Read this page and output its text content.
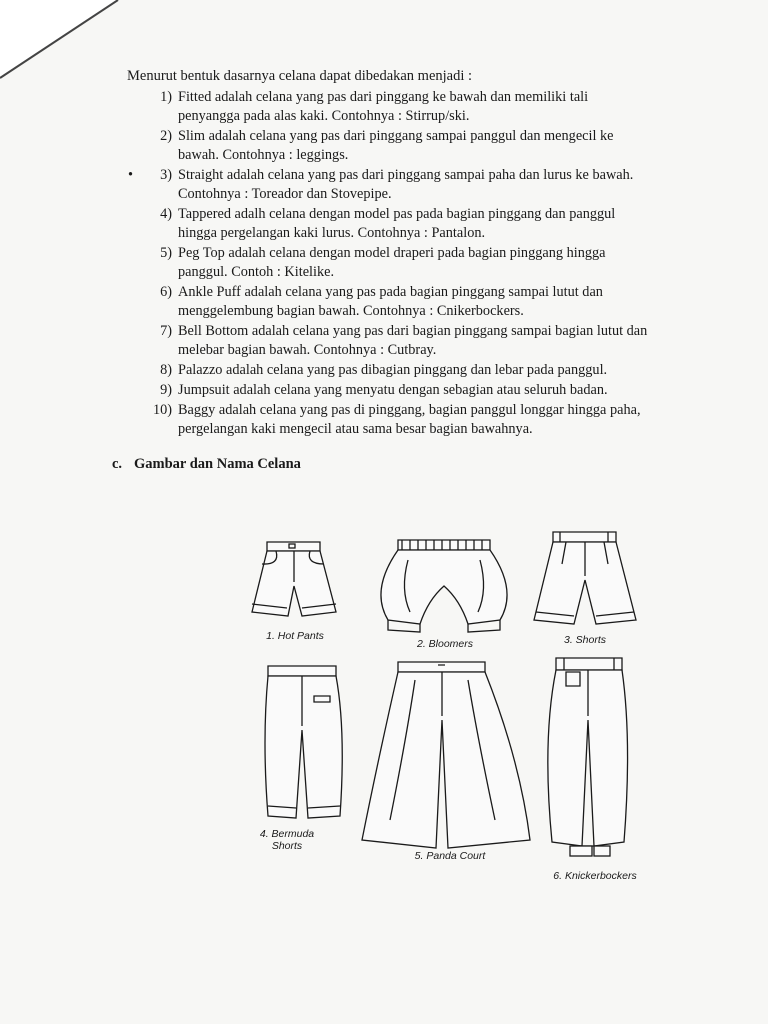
Menurut bentuk dasarnya celana dapat dibedakan menjadi :
1) Fitted adalah celana yang pas dari pinggang ke bawah dan memiliki tali
penyangga pada alas kaki. Contohnya : Stirrup/ski.
2) Slim adalah celana yang pas dari pinggang sampai panggul dan mengecil ke
bawah. Contohnya : leggings.
• 3) Straight adalah celana yang pas dari pinggang sampai paha dan lurus ke bawah.
Contohnya : Toreador dan Stovepipe.
4) Tappered adalh celana dengan model pas pada bagian pinggang dan panggul
hingga pergelangan kaki lurus. Contohnya : Pantalon.
5) Peg Top adalah celana dengan model draperi pada bagian pinggang hingga
panggul. Contoh : Kitelike.
6) Ankle Puff adalah celana yang pas pada bagian pinggang sampai lutut dan
menggelembung bagian bawah. Contohnya : Cnikerbockers.
7) Bell Bottom adalah celana yang pas dari bagian pinggang sampai bagian lutut dan
melebar bagian bawah. Contohnya : Cutbray.
8) Palazzo adalah celana yang pas dibagian pinggang dan lebar pada panggul.
9) Jumpsuit adalah celana yang menyatu dengan sebagian atau seluruh badan.
10) Baggy adalah celana yang pas di pinggang, bagian panggul longgar hingga paha,
pergelangan kaki mengecil atau sama besar bagian bawahnya.
c. Gambar dan Nama Celana
1. Hot Pants
2. Bloomers	3. Shorts
4. Bermuda
Shorts
5. Panda Court
6. Knickerbockers
